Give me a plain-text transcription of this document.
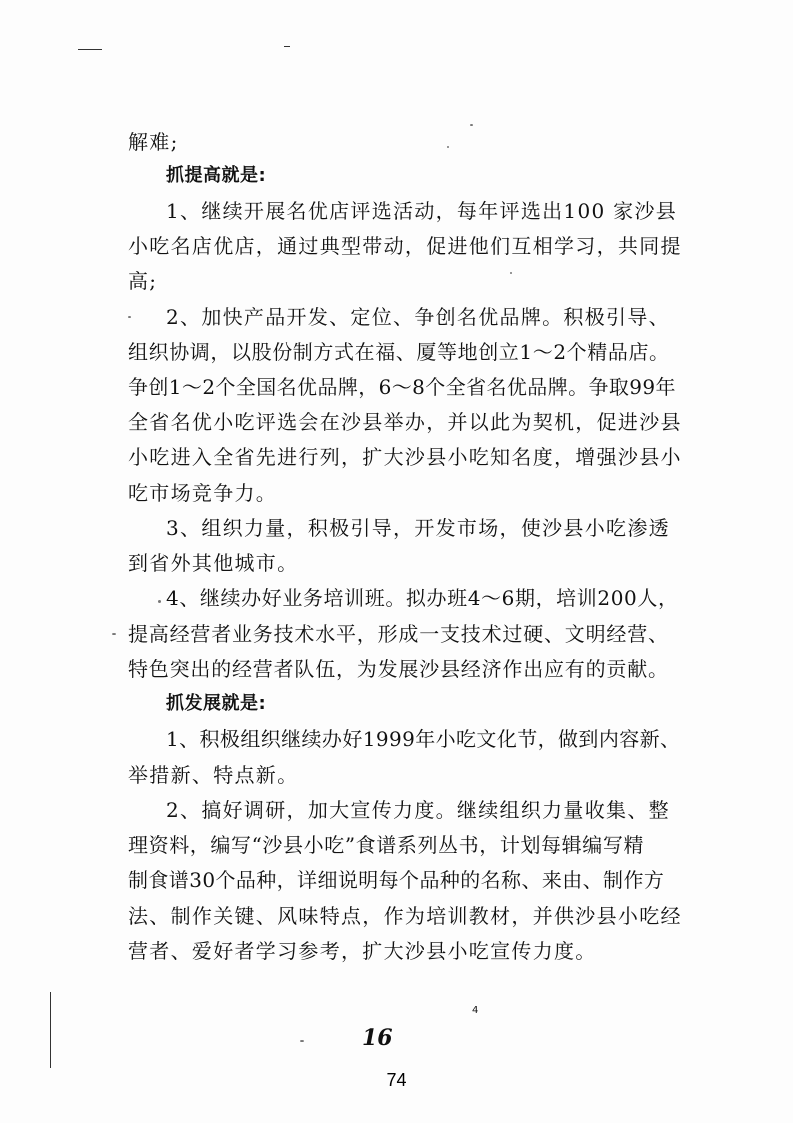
解难;
抓提高就是:
1、继续开展名优店评选活动，每年评选出100 家沙县
小吃名店优店，通过典型带动，促进他们互相学习，共同提
高;
2、加快产品开发、定位、争创名优品牌。积极引导、
组织协调，以股份制方式在福、厦等地创立1～2个精品店。
争创1～2个全国名优品牌，6～8个全省名优品牌。争取99年
全省名优小吃评选会在沙县举办，并以此为契机，促进沙县
小吃进入全省先进行列，扩大沙县小吃知名度，增强沙县小
吃市场竞争力。
3、组织力量，积极引导，开发市场，使沙县小吃渗透
到省外其他城市。
4、继续办好业务培训班。拟办班4～6期，培训200人，
提高经营者业务技术水平，形成一支技术过硬、文明经营、
特色突出的经营者队伍，为发展沙县经济作出应有的贡献。
抓发展就是:
1、积极组织继续办好1999年小吃文化节，做到内容新、
举措新、特点新。
2、搞好调研，加大宣传力度。继续组织力量收集、整
理资料，编写“沙县小吃”食谱系列丛书，计划每辑编写精
制食谱30个品种，详细说明每个品种的名称、来由、制作方
法、制作关键、风味特点，作为培训教材，并供沙县小吃经
营者、爱好者学习参考，扩大沙县小吃宣传力度。
4
16
74
